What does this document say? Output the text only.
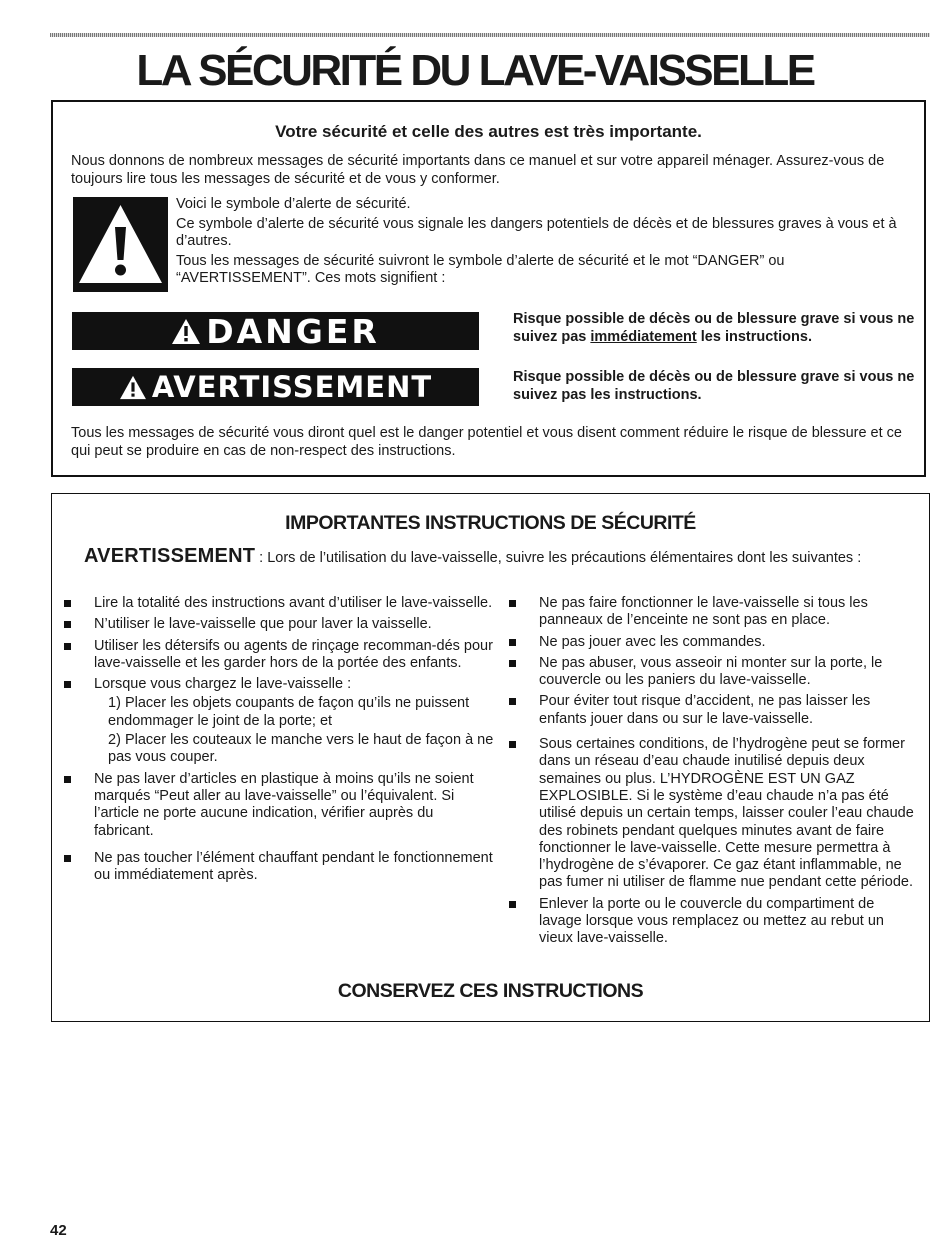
LA SÉCURITÉ DU LAVE-VAISSELLE
Votre sécurité et celle des autres est très importante.
Nous donnons de nombreux messages de sécurité importants dans ce manuel et sur votre appareil ménager. Assurez-vous de toujours lire tous les messages de sécurité et de vous y conformer.

Voici le symbole d’alerte de sécurité.

Ce symbole d’alerte de sécurité vous signale les dangers potentiels de décès et de blessures graves à vous et à d’autres.

Tous les messages de sécurité suivront le symbole d’alerte de sécurité et le mot “DANGER” ou “AVERTISSEMENT”. Ces mots signifient :

DANGER	Risque possible de décès ou de blessure grave si vous ne suivez pas immédiatement les instructions.
AVERTISSEMENT	Risque possible de décès ou de blessure grave si vous ne suivez pas les instructions.
Tous les messages de sécurité vous diront quel est le danger potentiel et vous disent comment réduire le risque de blessure et ce qui peut se produire en cas de non-respect des instructions.
IMPORTANTES INSTRUCTIONS DE SÉCURITÉ
AVERTISSEMENT : Lors de l’utilisation du lave-vaisselle, suivre les précautions élémentaires dont les suivantes :
Lire la totalité des instructions avant d’utiliser le lave-vaisselle.
N’utiliser le lave-vaisselle que pour laver la vaisselle.
Utiliser les détersifs ou agents de rinçage recomman-dés pour lave-vaisselle et les garder hors de la portée des enfants.
Lorsque vous chargez le lave-vaisselle :
1) Placer les objets coupants de façon qu’ils ne puissent endommager le joint de la porte; et
2) Placer les couteaux le manche vers le haut de façon à ne pas vous couper.
Ne pas laver d’articles en plastique à moins qu’ils ne soient marqués “Peut aller au lave-vaisselle” ou l’équivalent. Si l’article ne porte aucune indication, vérifier auprès du fabricant.
Ne pas toucher l’élément chauffant pendant le fonctionnement ou immédiatement après.
Ne pas faire fonctionner le lave-vaisselle si tous les panneaux de l’enceinte ne sont pas en place.
Ne pas jouer avec les commandes.
Ne pas abuser, vous asseoir ni monter sur la porte, le couvercle ou les paniers du lave-vaisselle.
Pour éviter tout risque d’accident, ne pas laisser les enfants jouer dans ou sur le lave-vaisselle.
Sous certaines conditions, de l’hydrogène peut se former dans un réseau d’eau chaude inutilisé depuis deux semaines ou plus. L’HYDROGÈNE EST UN GAZ EXPLOSIBLE. Si le système d’eau chaude n’a pas été utilisé depuis un certain temps, laisser couler l’eau chaude des robinets pendant quelques minutes avant de faire fonctionner le lave-vaisselle. Cette mesure permettra à l’hydrogène de s’évaporer. Ce gaz étant inflammable, ne pas fumer ni utiliser de flamme nue pendant cette période.
Enlever la porte ou le couvercle du compartiment de lavage lorsque vous remplacez ou mettez au rebut un vieux lave-vaisselle.
CONSERVEZ CES INSTRUCTIONS
42
